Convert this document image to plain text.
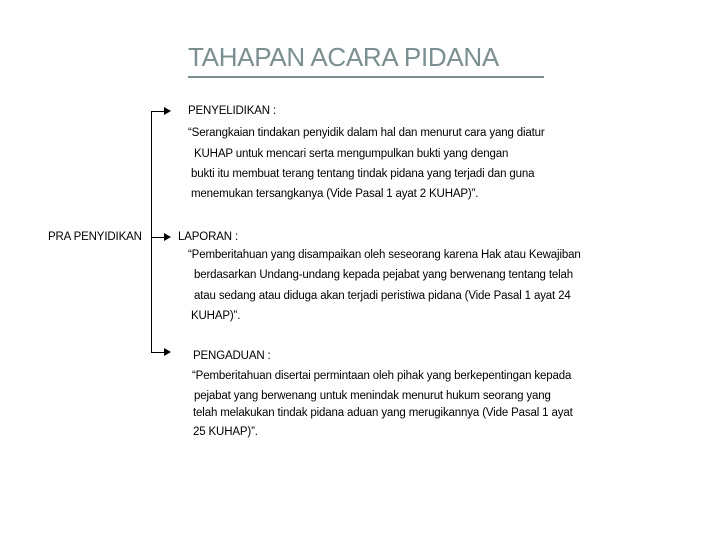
TAHAPAN ACARA PIDANA
PRA PENYIDIKAN
PENYELIDIKAN :
“Serangkaian tindakan penyidik dalam hal dan menurut cara yang diatur
KUHAP untuk mencari serta mengumpulkan bukti yang dengan
bukti itu membuat terang tentang tindak pidana yang terjadi dan guna
menemukan tersangkanya (Vide Pasal 1 ayat 2 KUHAP)”.
LAPORAN :
“Pemberitahuan yang disampaikan oleh seseorang karena Hak atau Kewajiban
berdasarkan Undang-undang kepada pejabat yang berwenang tentang telah
atau sedang atau diduga akan terjadi peristiwa pidana (Vide Pasal 1 ayat 24
KUHAP)”.
PENGADUAN :
“Pemberitahuan disertai permintaan oleh pihak yang berkepentingan kepada
pejabat yang berwenang untuk menindak menurut hukum seorang yang
telah melakukan tindak pidana aduan yang merugikannya (Vide Pasal 1 ayat
25 KUHAP)”.
